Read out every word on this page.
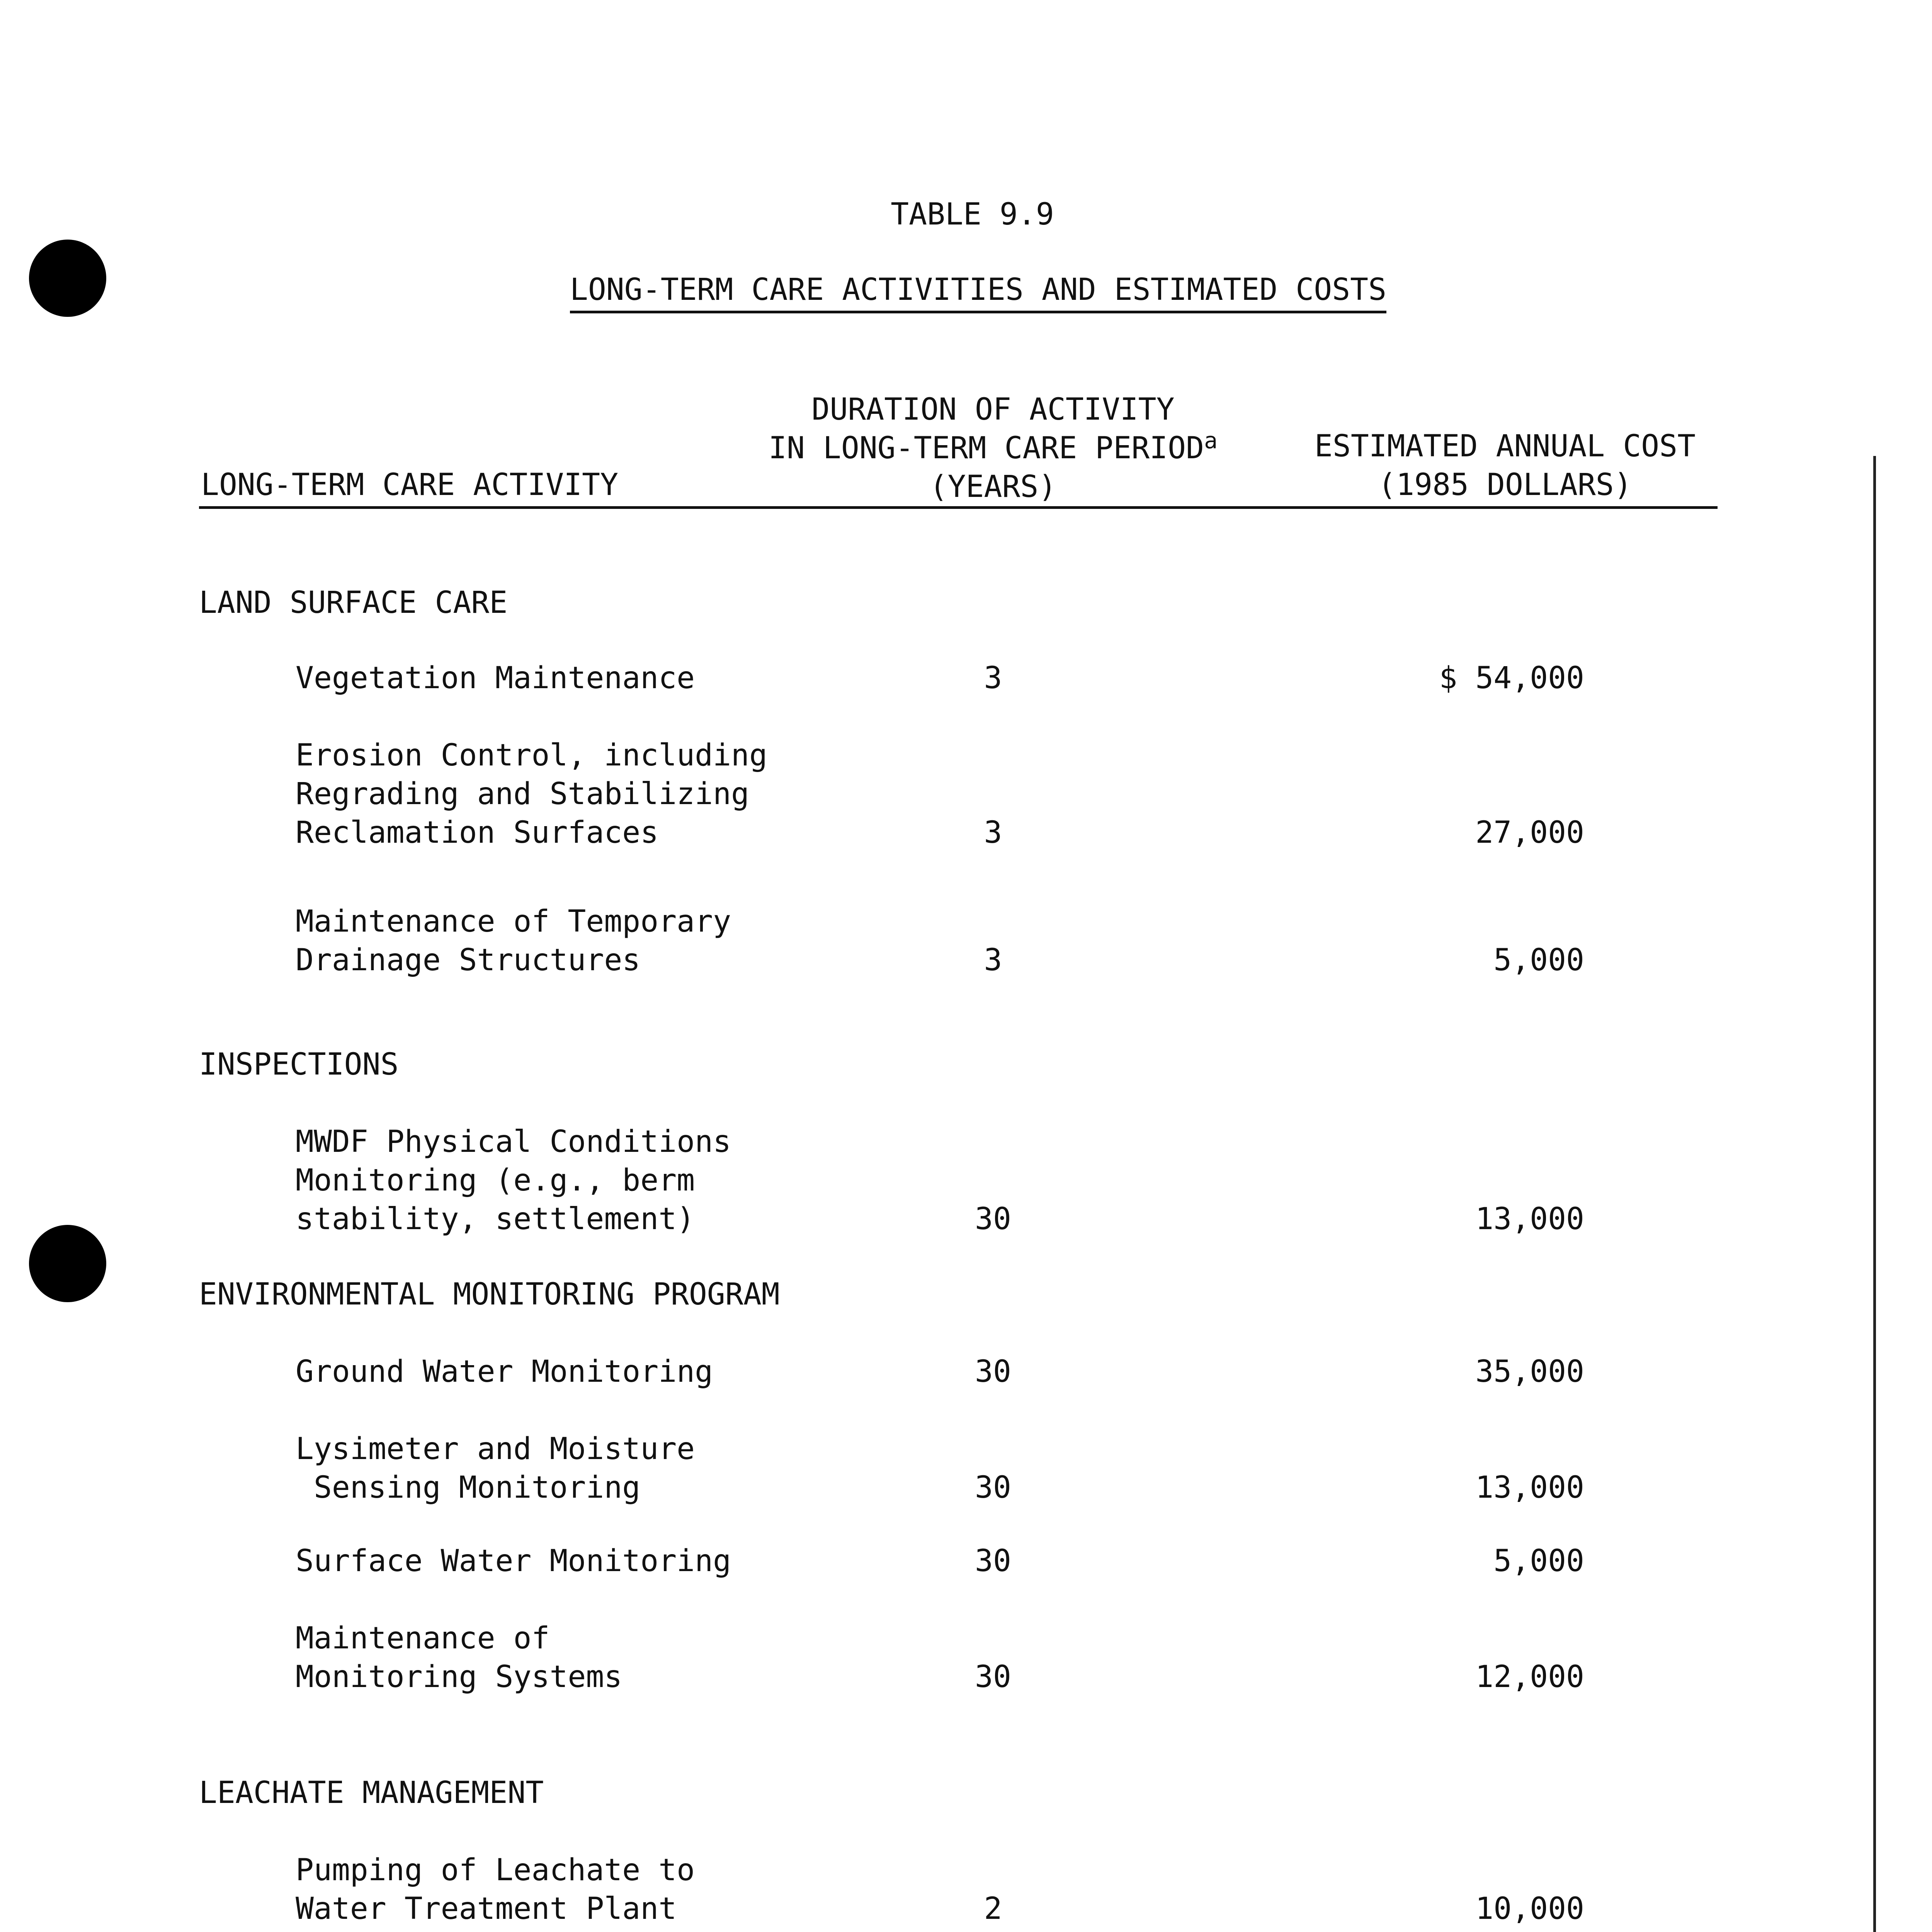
TABLE 9.9
LONG-TERM CARE ACTIVITIES AND ESTIMATED COSTS
LONG-TERM CARE ACTIVITY
DURATION OF ACTIVITY
IN LONG-TERM CARE PERIOD$^a$
(YEARS)
ESTIMATED ANNUAL COST
(1985 DOLLARS)
LAND SURFACE CARE
Vegetation Maintenance	3	$ 54,000
Erosion Control, including
Regrading and Stabilizing
Reclamation Surfaces	3	27,000
Maintenance of Temporary
Drainage Structures	3	5,000
INSPECTIONS
MWDF Physical Conditions
Monitoring (e.g., berm
stability, settlement)	30	13,000
ENVIRONMENTAL MONITORING PROGRAM
Ground Water Monitoring	30	35,000
Lysimeter and Moisture
Sensing Monitoring	30	13,000
Surface Water Monitoring	30	5,000
Maintenance of
Monitoring Systems	30	12,000
LEACHATE MANAGEMENT
Pumping of Leachate to
Water Treatment Plant	2	10,000
